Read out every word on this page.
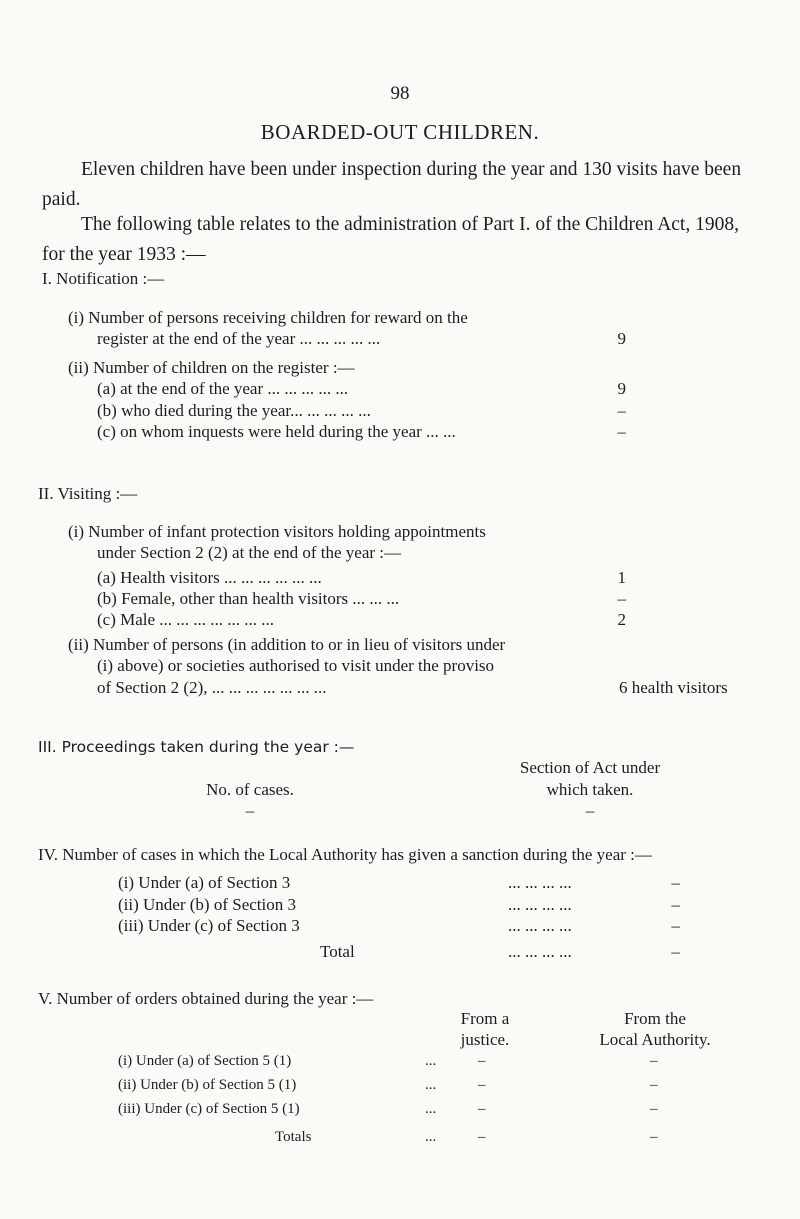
98
BOARDED-OUT CHILDREN.
Eleven children have been under inspection during the year and 130 visits have been paid.
The following table relates to the administration of Part I. of the Children Act, 1908, for the year 1933 :—
I. Notification :—
(i) Number of persons receiving children for reward on the
register at the end of the year ... ... ... ... ...	9
(ii) Number of children on the register :—
(a) at the end of the year ... ... ... ... ...	9
(b) who died during the year... ... ... ... ...	–
(c) on whom inquests were held during the year ... ...	–
II. Visiting :—
(i) Number of infant protection visitors holding appointments
under Section 2 (2) at the end of the year :—
(a) Health visitors ... ... ... ... ... ...	1
(b) Female, other than health visitors ... ... ...	–
(c) Male ... ... ... ... ... ... ...	2
(ii) Number of persons (in addition to or in lieu of visitors under
(i) above) or societies authorised to visit under the proviso
of Section 2 (2), ... ... ... ... ... ... ...	6 health visitors
III. Proceedings taken during the year :—
Section of Act under
No. of cases.	which taken.
–	–
IV. Number of cases in which the Local Authority has given a sanction during the year :—
(i) Under (a) of Section 3	... ... ... ...	–
(ii) Under (b) of Section 3	... ... ... ...	–
(iii) Under (c) of Section 3	... ... ... ...	–
Total	... ... ... ...	–
V. Number of orders obtained during the year :—
From a	From the
justice.	Local Authority.
(i) Under (a) of Section 5 (1)	...	–	–
(ii) Under (b) of Section 5 (1)	...	–	–
(iii) Under (c) of Section 5 (1)	...	–	–
Totals	...	–	–
